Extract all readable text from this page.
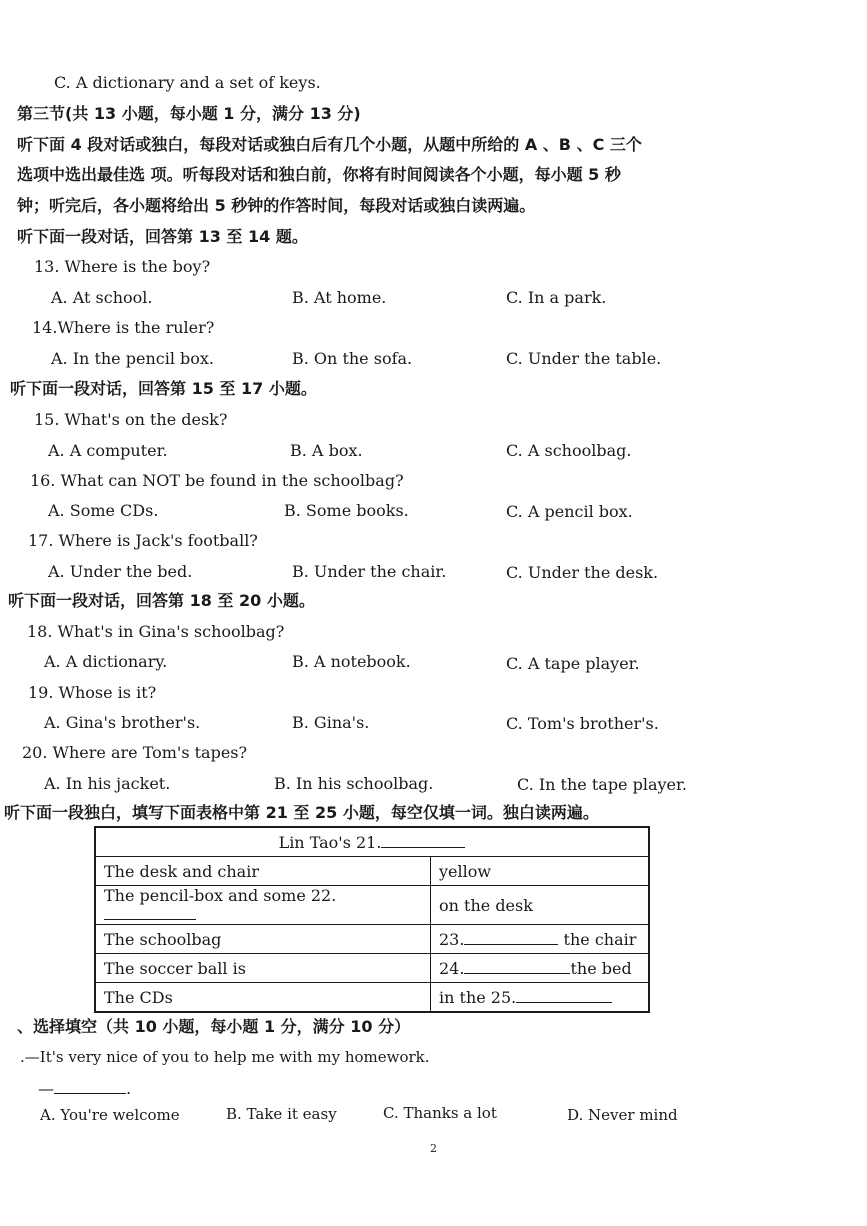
C. A dictionary and a set of keys.
第三节(共 13 小题，每小题 1 分，满分 13 分)
听下面 4 段对话或独白，每段对话或独白后有几个小题，从题中所给的 A 、B 、C 三个
选项中选出最佳选 项。听每段对话和独白前，你将有时间阅读各个小题，每小题 5 秒
钟；听完后，各小题将给出 5 秒钟的作答时间，每段对话或独白读两遍。
听下面一段对话，回答第 13 至 14 题。
13. Where is the boy?
A. At school.	B. At home.	C. In a park.
14.Where is the ruler?
A. In the pencil box.	B. On the sofa.	C. Under the table.
听下面一段对话，回答第 15 至 17 小题。
15. What's on the desk?
A. A computer.	B. A box.	C. A schoolbag.
16. What can NOT be found in the schoolbag?
A. Some CDs.	B. Some books.	C. A pencil box.
17. Where is Jack's football?
A. Under the bed.	B. Under the chair.	C. Under the desk.
听下面一段对话，回答第 18 至 20 小题。
18. What's in Gina's schoolbag?
A. A dictionary.	B. A notebook.	C. A tape player.
19. Whose is it?
A. Gina's brother's.	B. Gina's.	C. Tom's brother's.
20. Where are Tom's tapes?
A. In his jacket.	B. In his schoolbag.	C. In the tape player.
听下面一段独白，填写下面表格中第 21 至 25 小题，每空仅填一词。独白读两遍。
Lin Tao's 21.	
The desk and chair	yellow
The pencil-box and some 22.	on the desk
The schoolbag	23. the chair
The soccer ball is	24. the bed
The CDs	in the 25.
、选择填空（共 10 小题，每小题 1 分，满分 10 分）
.—It's very nice of you to help me with my homework.
—	.
A. You're welcome	B. Take it easy	C. Thanks a lot	D. Never mind
2
